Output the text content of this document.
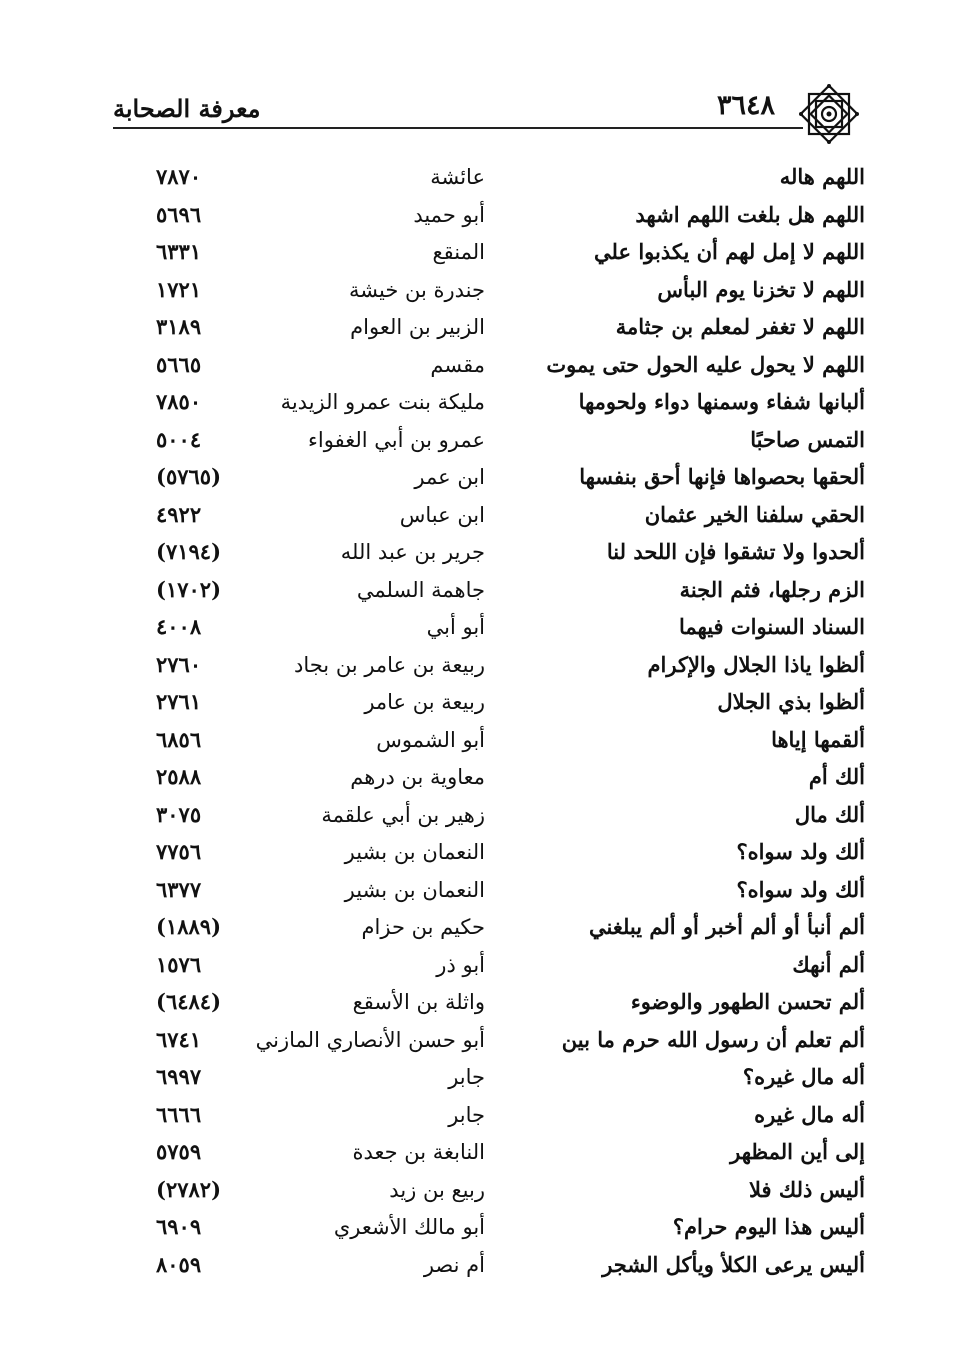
معرفة الصحابة	٣٦٤٨
اللهم هاله
عائشة
٧٨٧٠
اللهم هل بلغت اللهم اشهد
أبو حميد
٥٦٩٦
اللهم لا إمل لهم أن يكذبوا علي
المنقع
٦٣٣١
اللهم لا تخزنا يوم البأس
جندرة بن خيشة
١٧٢١
اللهم لا تغفر لمعلم بن جثامة
الزبير بن العوام
٣١٨٩
اللهم لا يحول عليه الحول حتى يموت
مقسم
٥٦٦٥
ألبانها شفاء وسمنها دواء ولحومها
مليكة بنت عمرو الزيدية
٧٨٥٠
التمس صاحبًا
عمرو بن أبي الغفواء
٥٠٠٤
ألحقها بحصواها فإنها أحق بنفسها
ابن عمر
(٥٧٦٥)
الحقي سلفنا الخير عثمان
ابن عباس
٤٩٢٢
ألحدوا ولا تشقوا فإن اللحد لنا
جرير بن عبد الله
(٧١٩٤)
الزم رجلها، فثم الجنة
جاهمة السلمي
(١٧٠٢)
السناد السنوات فيهما
أبو أبي
٤٠٠٨
ألظوا ياذا الجلال والإكرام
ربيعة بن عامر بن بجاد
٢٧٦٠
ألظوا بذي الجلال
ربيعة بن عامر
٢٧٦١
ألقمها إياها
أبو الشموس
٦٨٥٦
ألك أم
معاوية بن درهم
٢٥٨٨
ألك مال
زهير بن أبي علقمة
٣٠٧٥
ألك ولد سواه؟
النعمان بن بشير
٧٧٥٦
ألك ولد سواه؟
النعمان بن بشير
٦٣٧٧
ألم أنبأ أو ألم أخبر أو ألم يبلغني
حكيم بن حزام
(١٨٨٩)
ألم أنهك
أبو ذر
١٥٧٦
ألم تحسن الطهور والوضوء
واثلة بن الأسقع
(٦٤٨٤)
ألم تعلم أن رسول الله حرم ما بين
أبو حسن الأنصاري المازني
٦٧٤١
أله مال غيره؟
جابر
٦٩٩٧
أله مال غيره
جابر
٦٦٦٦
إلى أين المظهر
النابغة بن جعدة
٥٧٥٩
أليس ذلك فلا
ربيع بن زيد
(٢٧٨٢)
أليس هذا اليوم حرام؟
أبو مالك الأشعري
٦٩٠٩
أليس يرعى الكلأ ويأكل الشجر
أم نصر
٨٠٥٩
